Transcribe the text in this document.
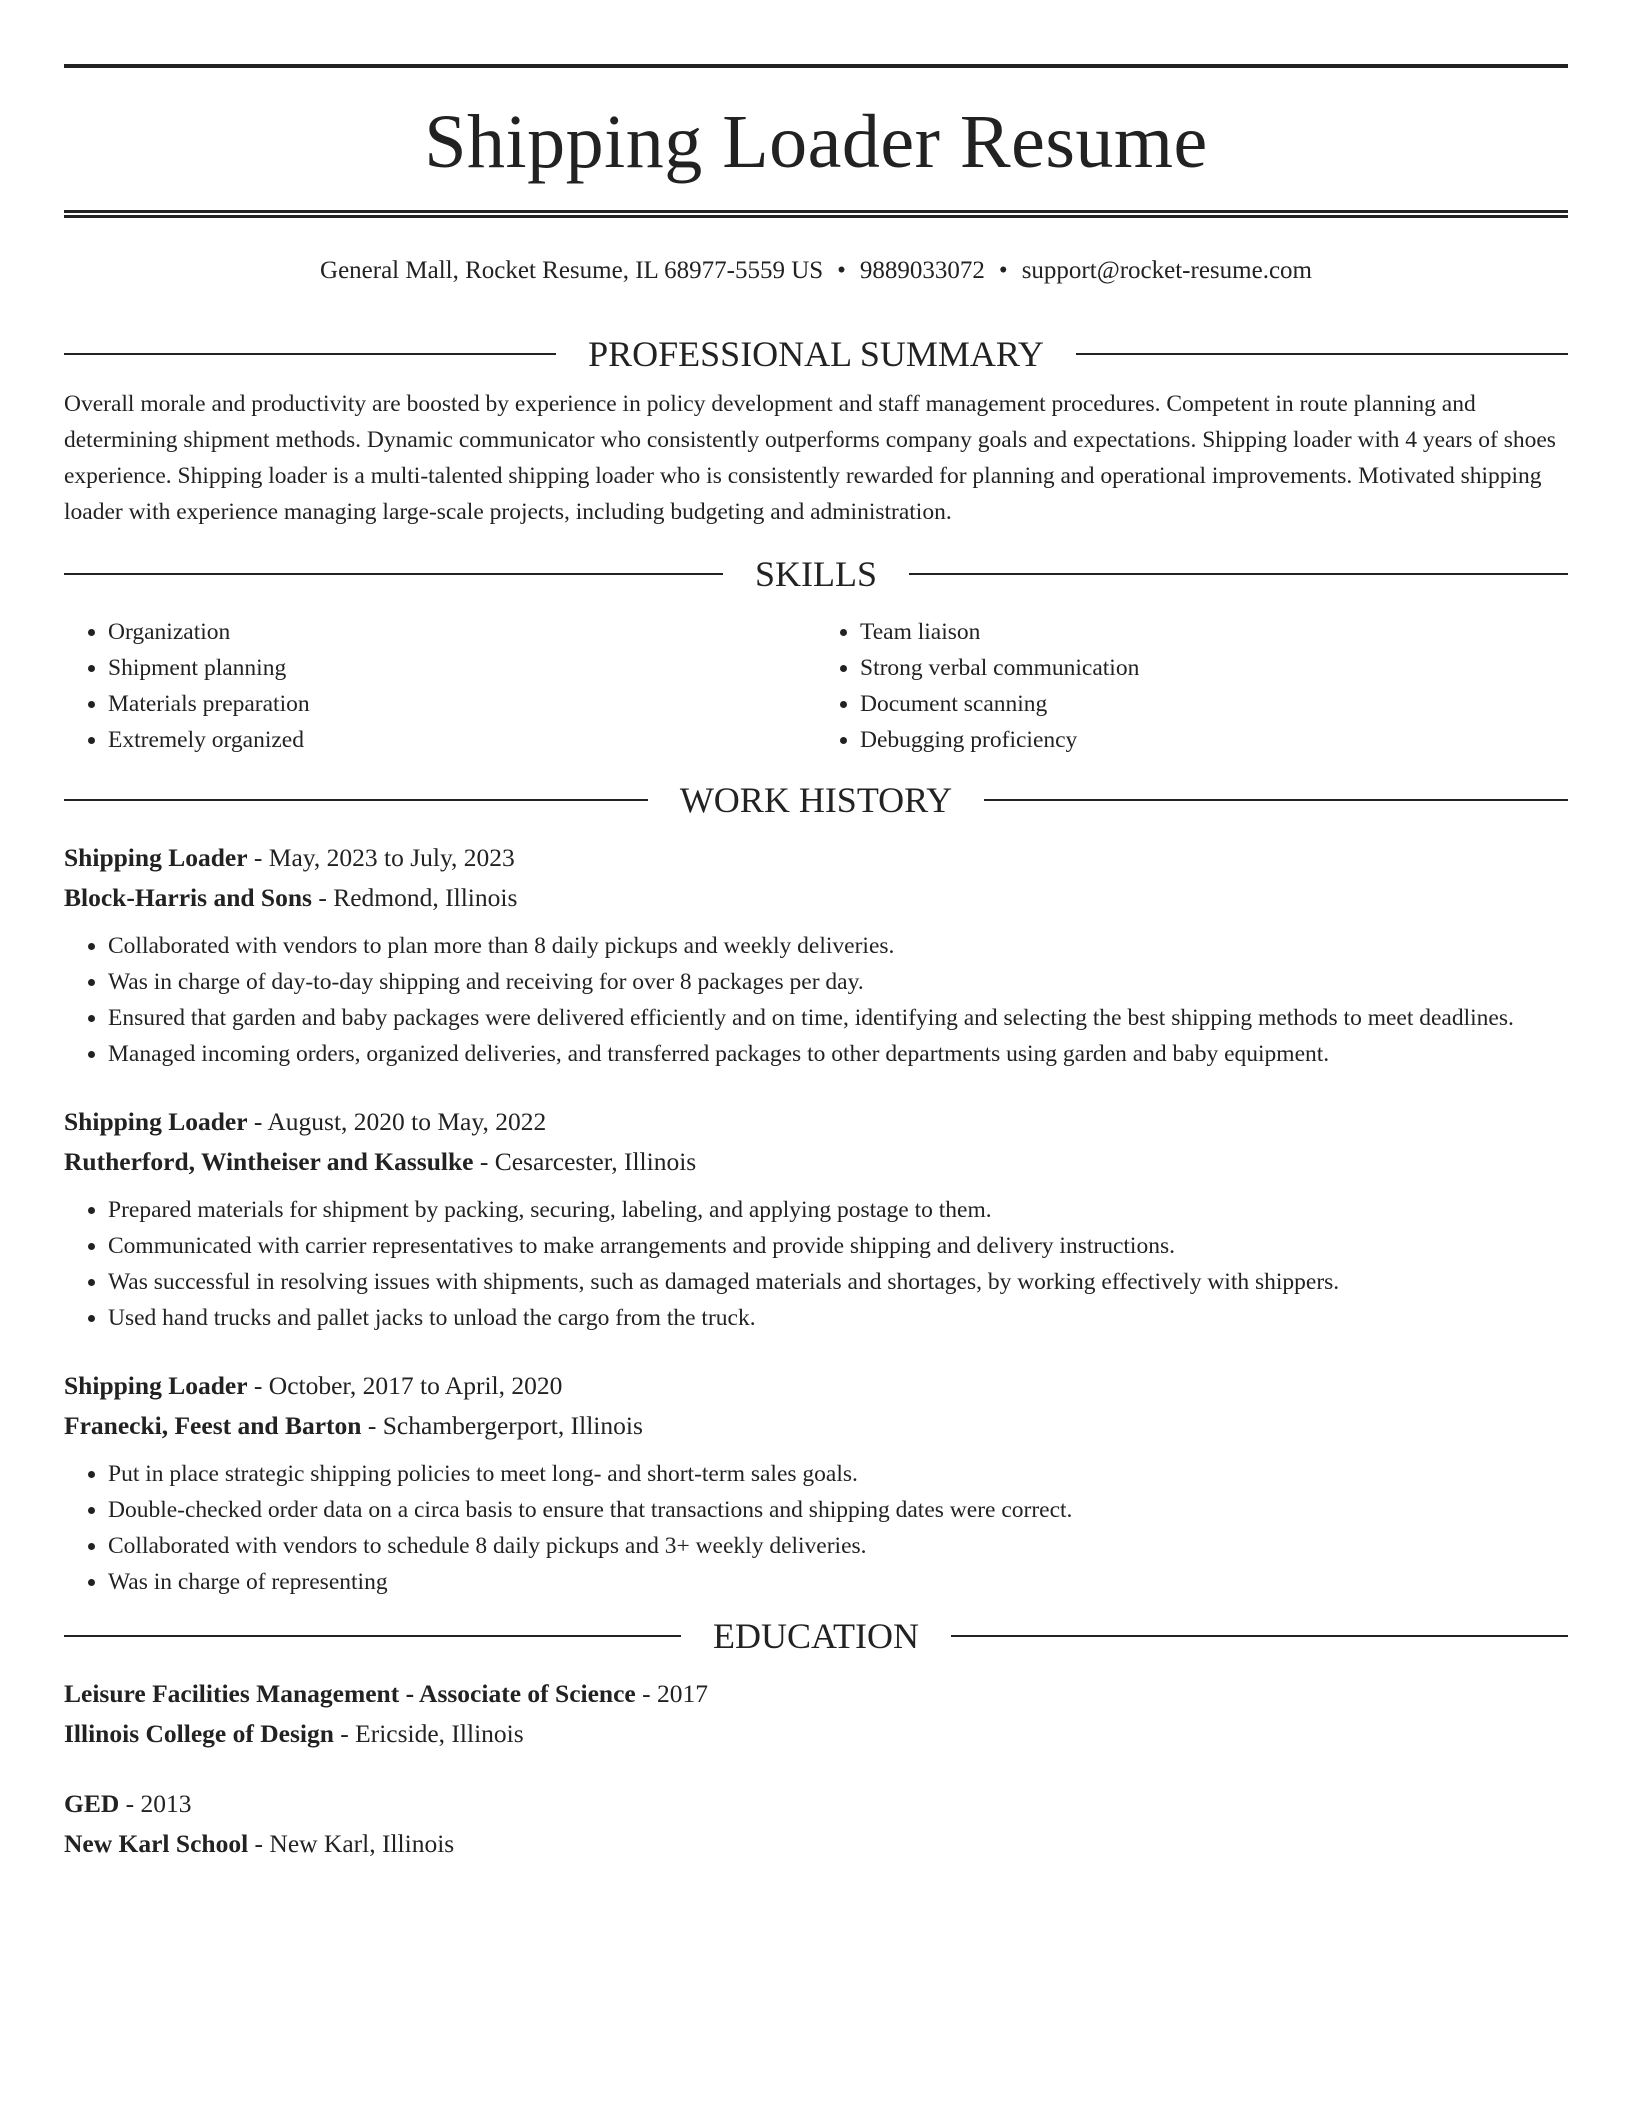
Shipping Loader Resume
General Mall, Rocket Resume, IL 68977-5559 US • 9889033072 • support@rocket-resume.com
PROFESSIONAL SUMMARY
Overall morale and productivity are boosted by experience in policy development and staff management procedures. Competent in route planning and determining shipment methods. Dynamic communicator who consistently outperforms company goals and expectations. Shipping loader with 4 years of shoes experience. Shipping loader is a multi-talented shipping loader who is consistently rewarded for planning and operational improvements. Motivated shipping loader with experience managing large-scale projects, including budgeting and administration.
SKILLS
• Organization
• Shipment planning
• Materials preparation
• Extremely organized
• Team liaison
• Strong verbal communication
• Document scanning
• Debugging proficiency
WORK HISTORY
Shipping Loader - May, 2023 to July, 2023
Block-Harris and Sons - Redmond, Illinois
• Collaborated with vendors to plan more than 8 daily pickups and weekly deliveries.
• Was in charge of day-to-day shipping and receiving for over 8 packages per day.
• Ensured that garden and baby packages were delivered efficiently and on time, identifying and selecting the best shipping methods to meet deadlines.
• Managed incoming orders, organized deliveries, and transferred packages to other departments using garden and baby equipment.
Shipping Loader - August, 2020 to May, 2022
Rutherford, Wintheiser and Kassulke - Cesarcester, Illinois
• Prepared materials for shipment by packing, securing, labeling, and applying postage to them.
• Communicated with carrier representatives to make arrangements and provide shipping and delivery instructions.
• Was successful in resolving issues with shipments, such as damaged materials and shortages, by working effectively with shippers.
• Used hand trucks and pallet jacks to unload the cargo from the truck.
Shipping Loader - October, 2017 to April, 2020
Franecki, Feest and Barton - Schambergerport, Illinois
• Put in place strategic shipping policies to meet long- and short-term sales goals.
• Double-checked order data on a circa basis to ensure that transactions and shipping dates were correct.
• Collaborated with vendors to schedule 8 daily pickups and 3+ weekly deliveries.
• Was in charge of representing
EDUCATION
Leisure Facilities Management - Associate of Science - 2017
Illinois College of Design - Ericside, Illinois
GED - 2013
New Karl School - New Karl, Illinois
